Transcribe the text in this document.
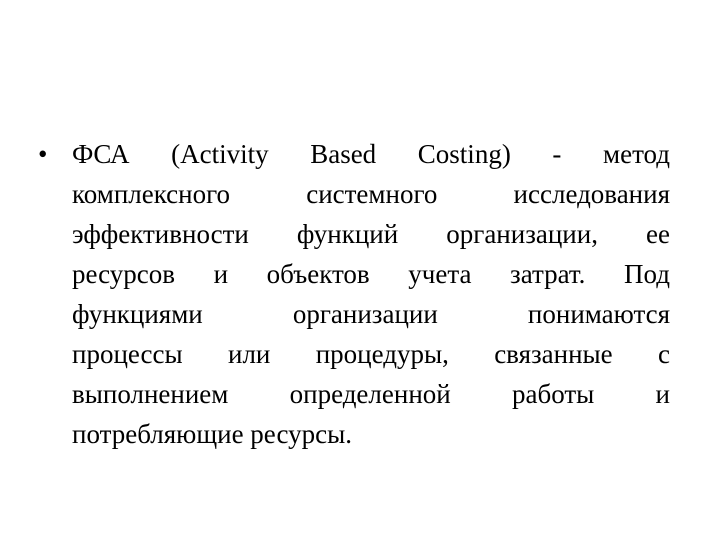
• ФСА (Activity Based Costing) - метод
комплексного системного исследования
эффективности функций организации, ее
ресурсов и объектов учета затрат. Под
функциями организации понимаются
процессы или процедуры, связанные с
выполнением определенной работы и
потребляющие ресурсы.
